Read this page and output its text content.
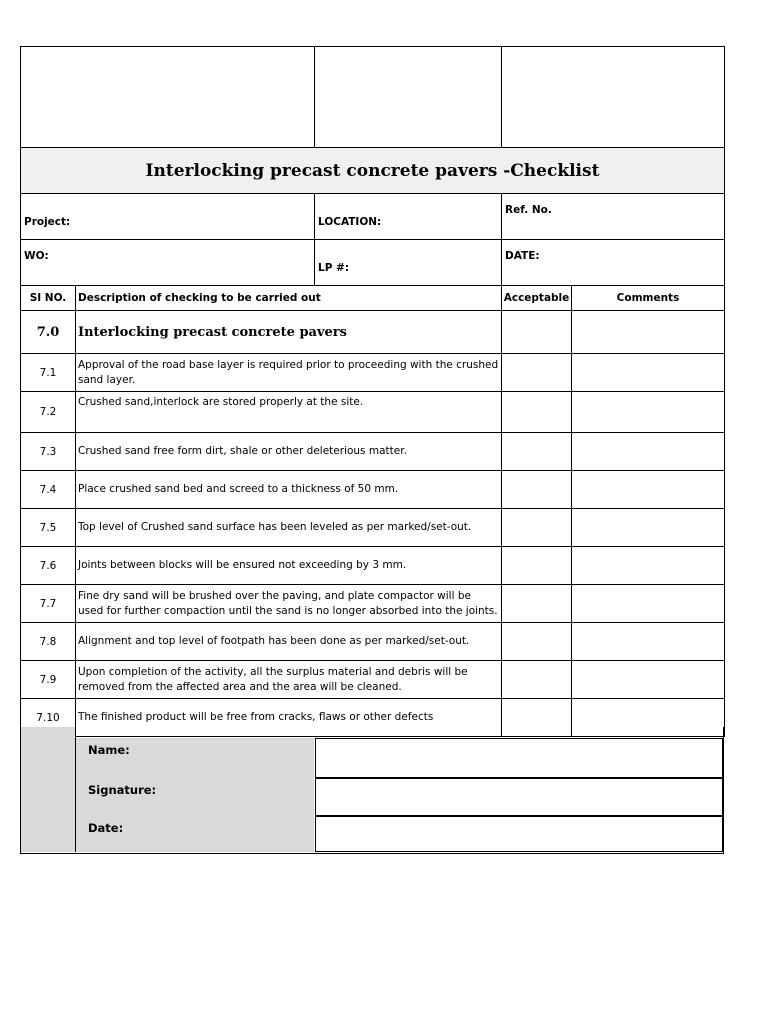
Interlocking precast concrete pavers -Checklist				
Project:		LOCATION:	Ref. No.	
WO:		LP #:	DATE:	
SI NO.	Description of checking to be carried out		Acceptable	Comments
7.0	Interlocking precast concrete pavers			
7.1	Approval of the road base layer is required prior to proceeding with the crushed sand layer.			
7.2	Crushed sand,interlock are stored properly at the site.			
7.3	Crushed sand free form dirt, shale or other deleterious matter.			
7.4	Place crushed sand bed and screed to a thickness of 50 mm.			
7.5	Top level of Crushed sand surface has been leveled as per marked/set-out.			
7.6	Joints between blocks will be ensured not exceeding by 3 mm.			
7.7	Fine dry sand will be brushed over the paving, and plate compactor will be used for further compaction until the sand is no longer absorbed into the joints.			
7.8	Alignment and top level of footpath has been done as per marked/set-out.			
7.9	Upon completion of the activity, all the surplus material and debris will be removed from the affected area and the area will be cleaned.			
7.10	The finished product will be free from cracks, flaws or other defects			
Name:
Signature:
Date:
